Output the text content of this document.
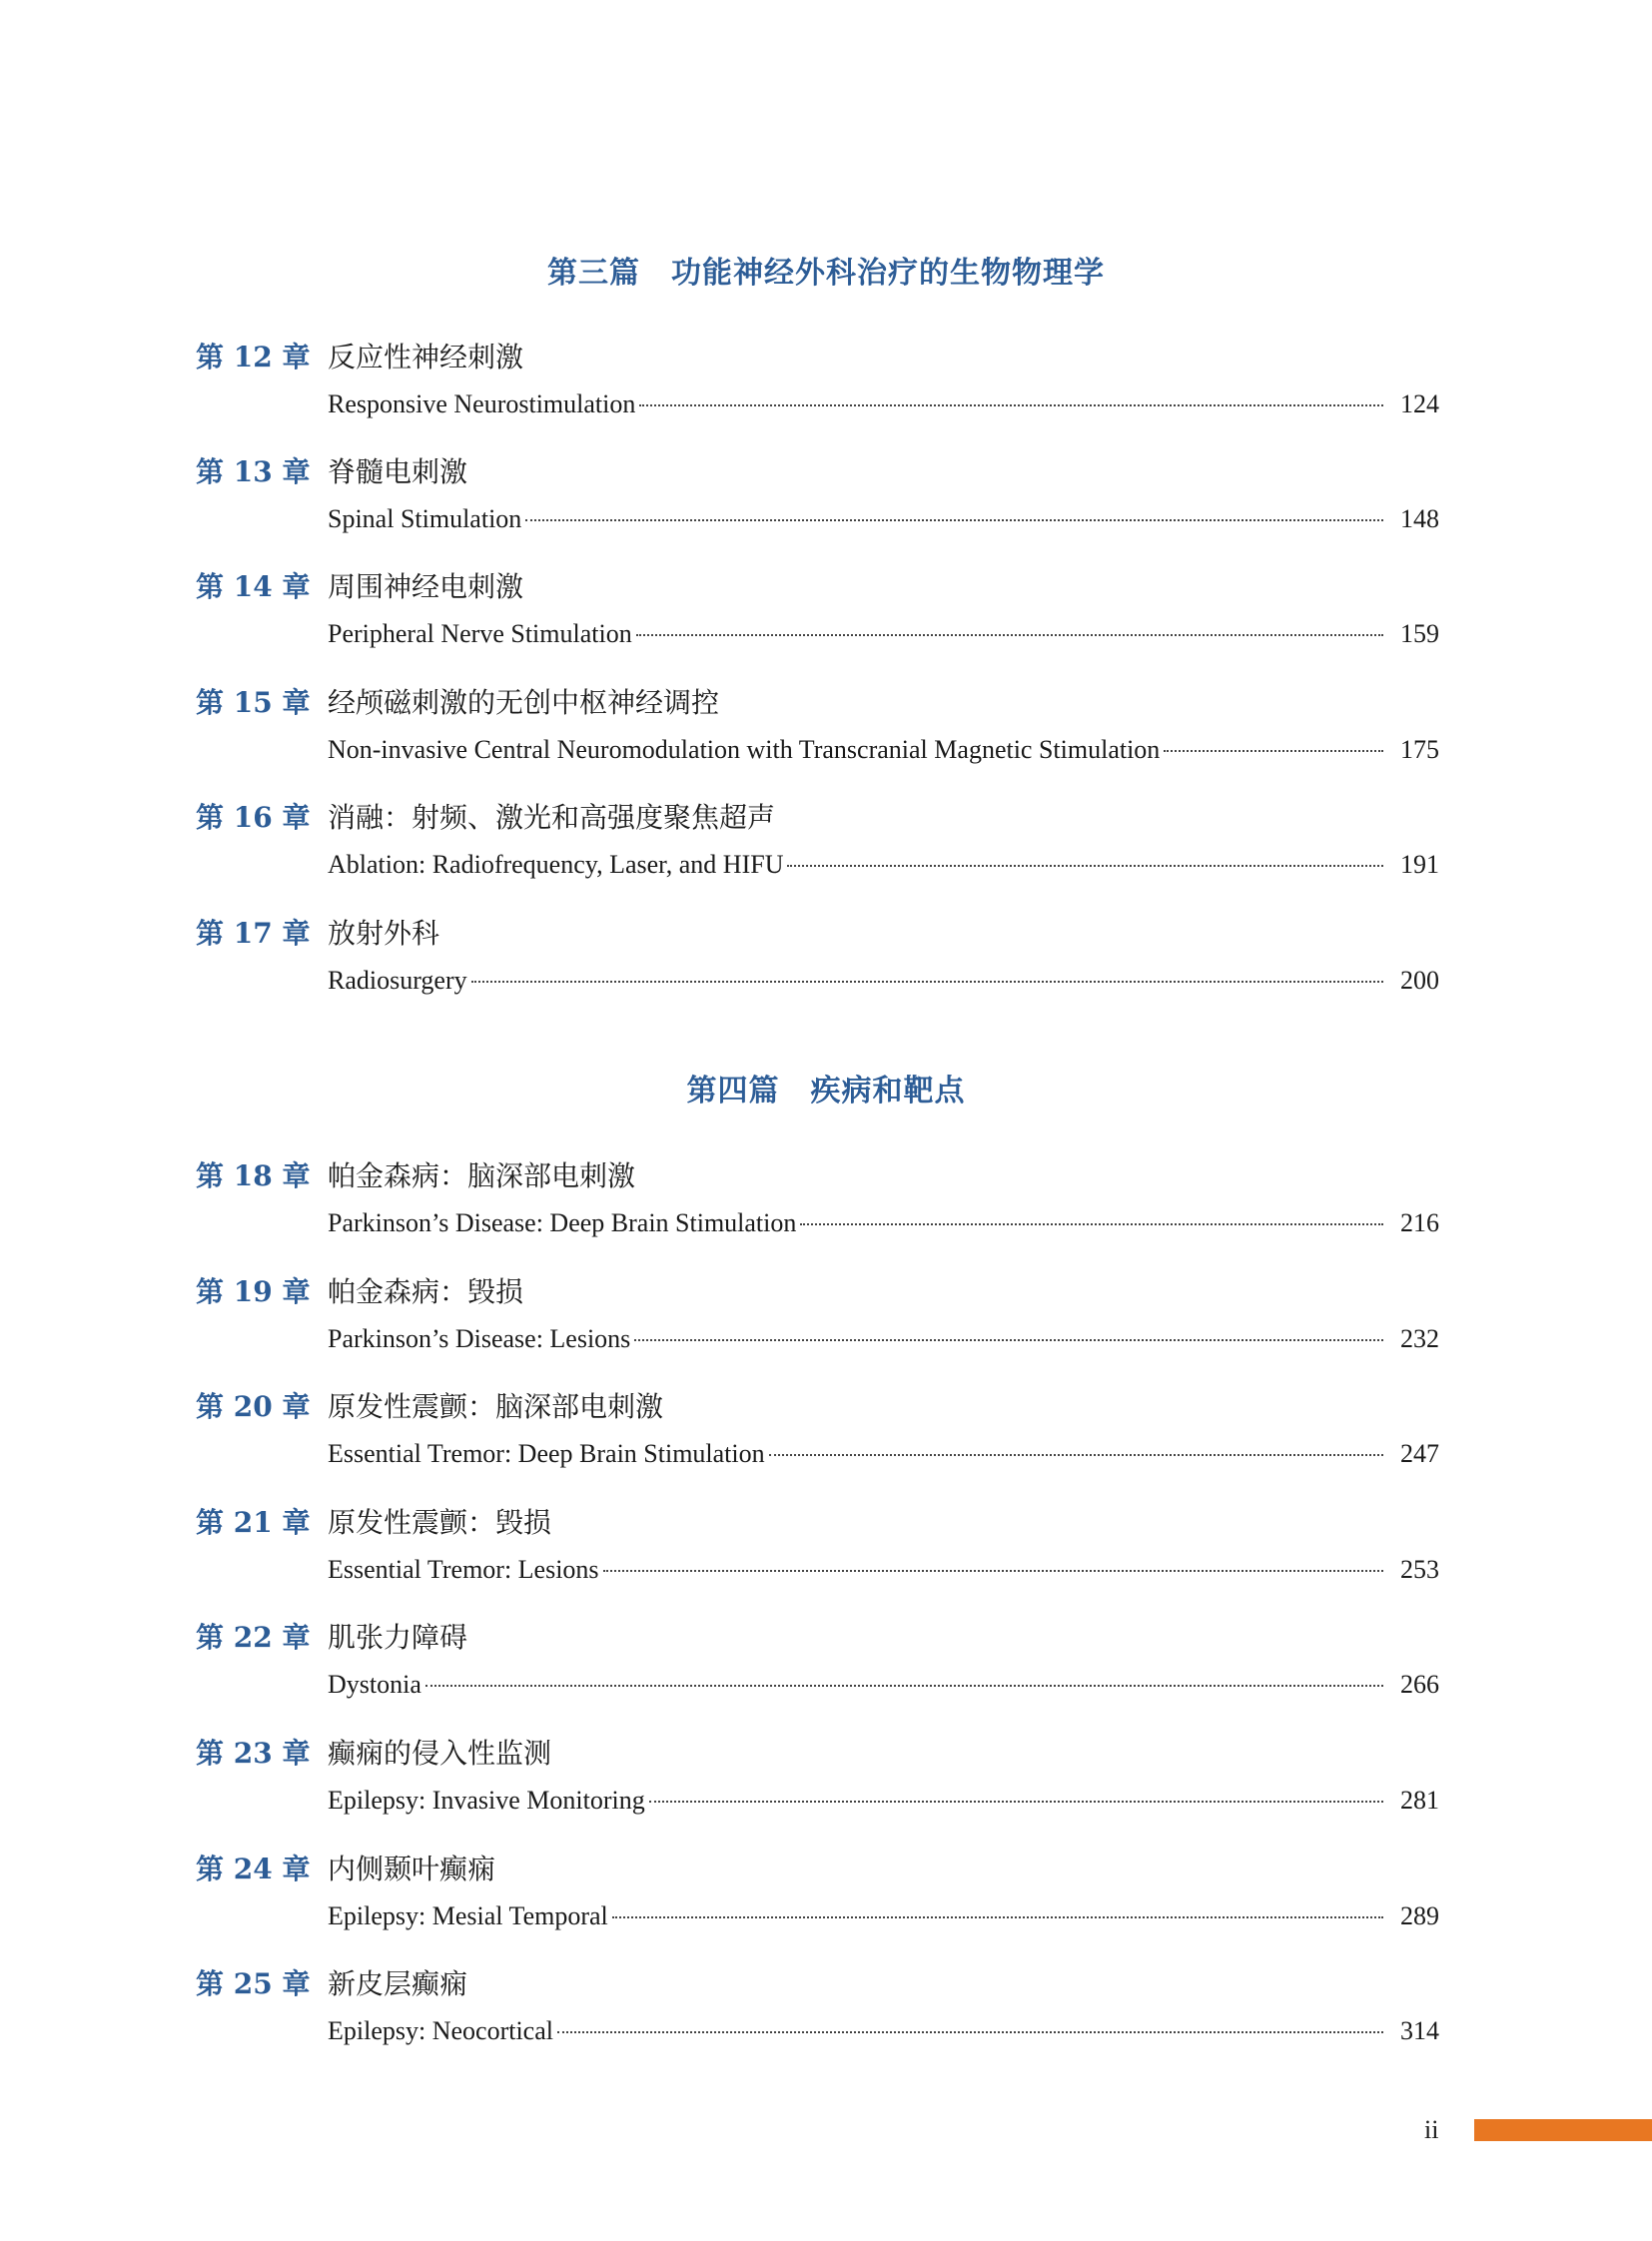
第三篇　功能神经外科治疗的生物物理学
第 12 章 反应性神经刺激
Responsive Neurostimulation	124
第 13 章 脊髓电刺激
Spinal Stimulation	148
第 14 章 周围神经电刺激
Peripheral Nerve Stimulation	159
第 15 章 经颅磁刺激的无创中枢神经调控
Non-invasive Central Neuromodulation with Transcranial Magnetic Stimulation	175
第 16 章 消融：射频、激光和高强度聚焦超声
Ablation: Radiofrequency, Laser, and HIFU	191
第 17 章 放射外科
Radiosurgery	200
第四篇　疾病和靶点
第 18 章 帕金森病：脑深部电刺激
Parkinson’s Disease: Deep Brain Stimulation	216
第 19 章 帕金森病：毁损
Parkinson’s Disease: Lesions	232
第 20 章 原发性震颤：脑深部电刺激
Essential Tremor: Deep Brain Stimulation	247
第 21 章 原发性震颤：毁损
Essential Tremor: Lesions	253
第 22 章 肌张力障碍
Dystonia	266
第 23 章 癫痫的侵入性监测
Epilepsy: Invasive Monitoring	281
第 24 章 内侧颞叶癫痫
Epilepsy: Mesial Temporal	289
第 25 章 新皮层癫痫
Epilepsy: Neocortical	314
ii
